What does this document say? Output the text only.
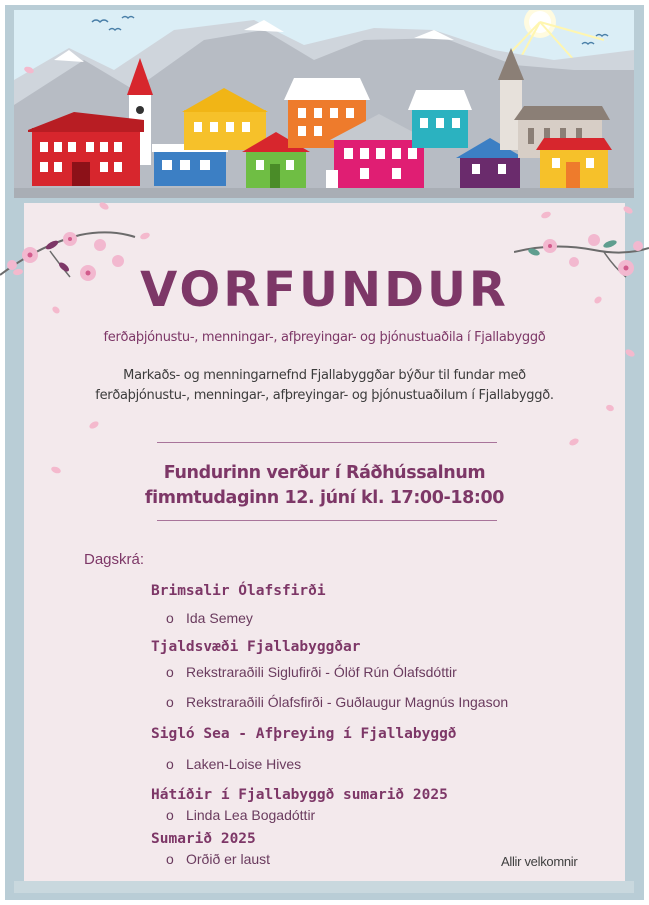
VORFUNDUR
ferðaþjónustu-, menningar-, afþreyingar- og þjónustuaðila í Fjallabyggð
Markaðs- og menningarnefnd Fjallabyggðar býður til fundar með
ferðaþjónustu-, menningar-, afþreyingar- og þjónustuaðilum í Fjallabyggð.
Fundurinn verður í Ráðhússalnum
fimmtudaginn 12. júní kl. 17:00-18:00
Dagskrá:
Brimsalir Ólafsfirði
o Ida Semey
Tjaldsvæði Fjallabyggðar
o Rekstraraðili Siglufirði - Ólöf Rún Ólafsdóttir
o Rekstraraðili Ólafsfirði - Guðlaugur Magnús Ingason
Sigló Sea - Afþreying í Fjallabyggð
o Laken-Loise Hives
Hátíðir í Fjallabyggð sumarið 2025
o Linda Lea Bogadóttir
Sumarið 2025
o Orðið er laust	Allir velkomnir
